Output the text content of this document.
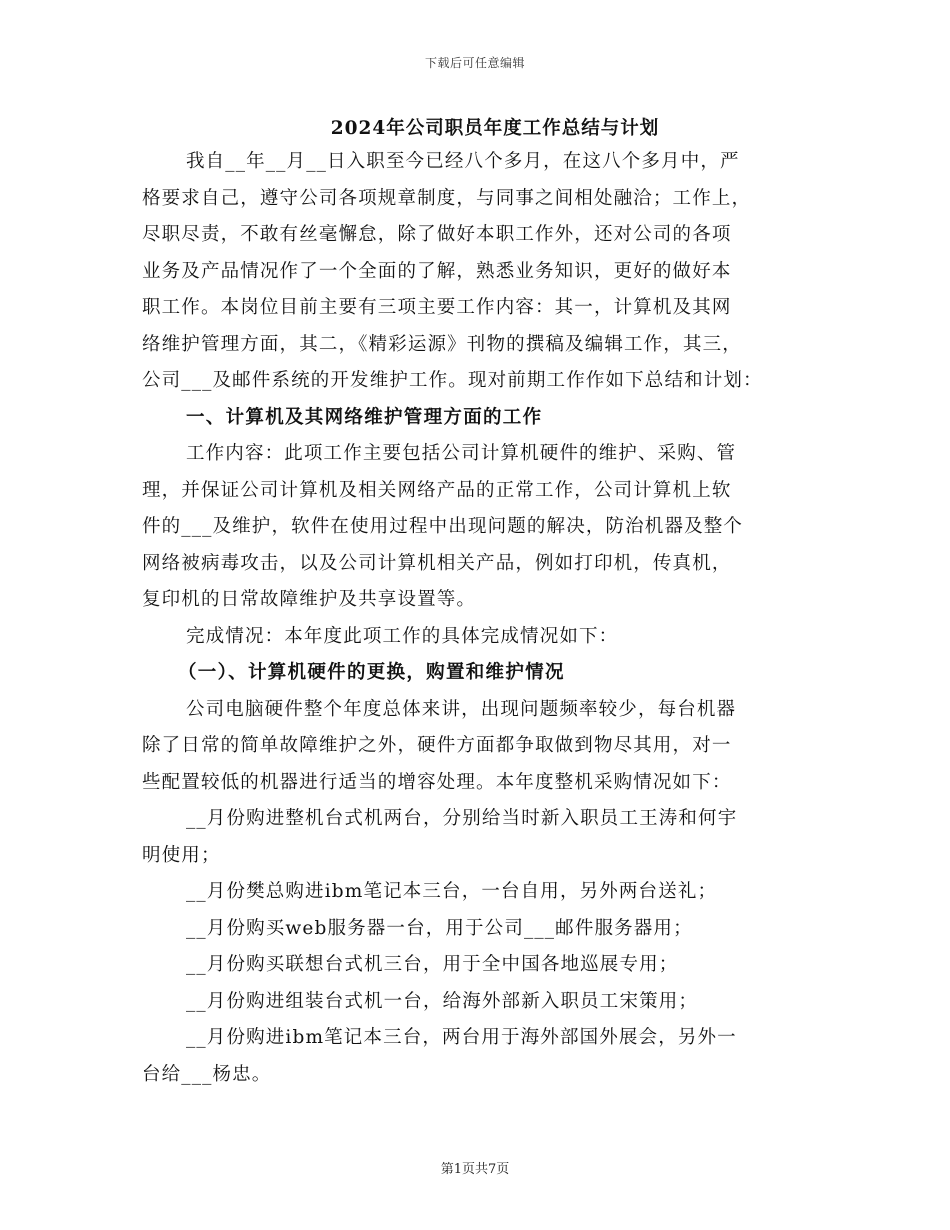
下载后可任意编辑
2024年公司职员年度工作总结与计划
我自__年__月__日入职至今已经八个多月，在这八个多月中，严
格要求自己，遵守公司各项规章制度，与同事之间相处融洽；工作上，
尽职尽责，不敢有丝毫懈怠，除了做好本职工作外，还对公司的各项
业务及产品情况作了一个全面的了解，熟悉业务知识，更好的做好本
职工作。本岗位目前主要有三项主要工作内容：其一，计算机及其网
络维护管理方面，其二，《精彩运源》刊物的撰稿及编辑工作，其三，
公司___及邮件系统的开发维护工作。现对前期工作作如下总结和计划：
一、计算机及其网络维护管理方面的工作
工作内容：此项工作主要包括公司计算机硬件的维护、采购、管
理，并保证公司计算机及相关网络产品的正常工作，公司计算机上软
件的___及维护，软件在使用过程中出现问题的解决，防治机器及整个
网络被病毒攻击，以及公司计算机相关产品，例如打印机，传真机，
复印机的日常故障维护及共享设置等。
完成情况：本年度此项工作的具体完成情况如下：
（一）、计算机硬件的更换，购置和维护情况
公司电脑硬件整个年度总体来讲，出现问题频率较少，每台机器
除了日常的简单故障维护之外，硬件方面都争取做到物尽其用，对一
些配置较低的机器进行适当的增容处理。本年度整机采购情况如下：
__月份购进整机台式机两台，分别给当时新入职员工王涛和何宇
明使用；
__月份樊总购进ibm笔记本三台，一台自用，另外两台送礼；
__月份购买web服务器一台，用于公司___邮件服务器用；
__月份购买联想台式机三台，用于全中国各地巡展专用；
__月份购进组装台式机一台，给海外部新入职员工宋策用；
__月份购进ibm笔记本三台，两台用于海外部国外展会，另外一
台给___杨忠。
第1页共7页
